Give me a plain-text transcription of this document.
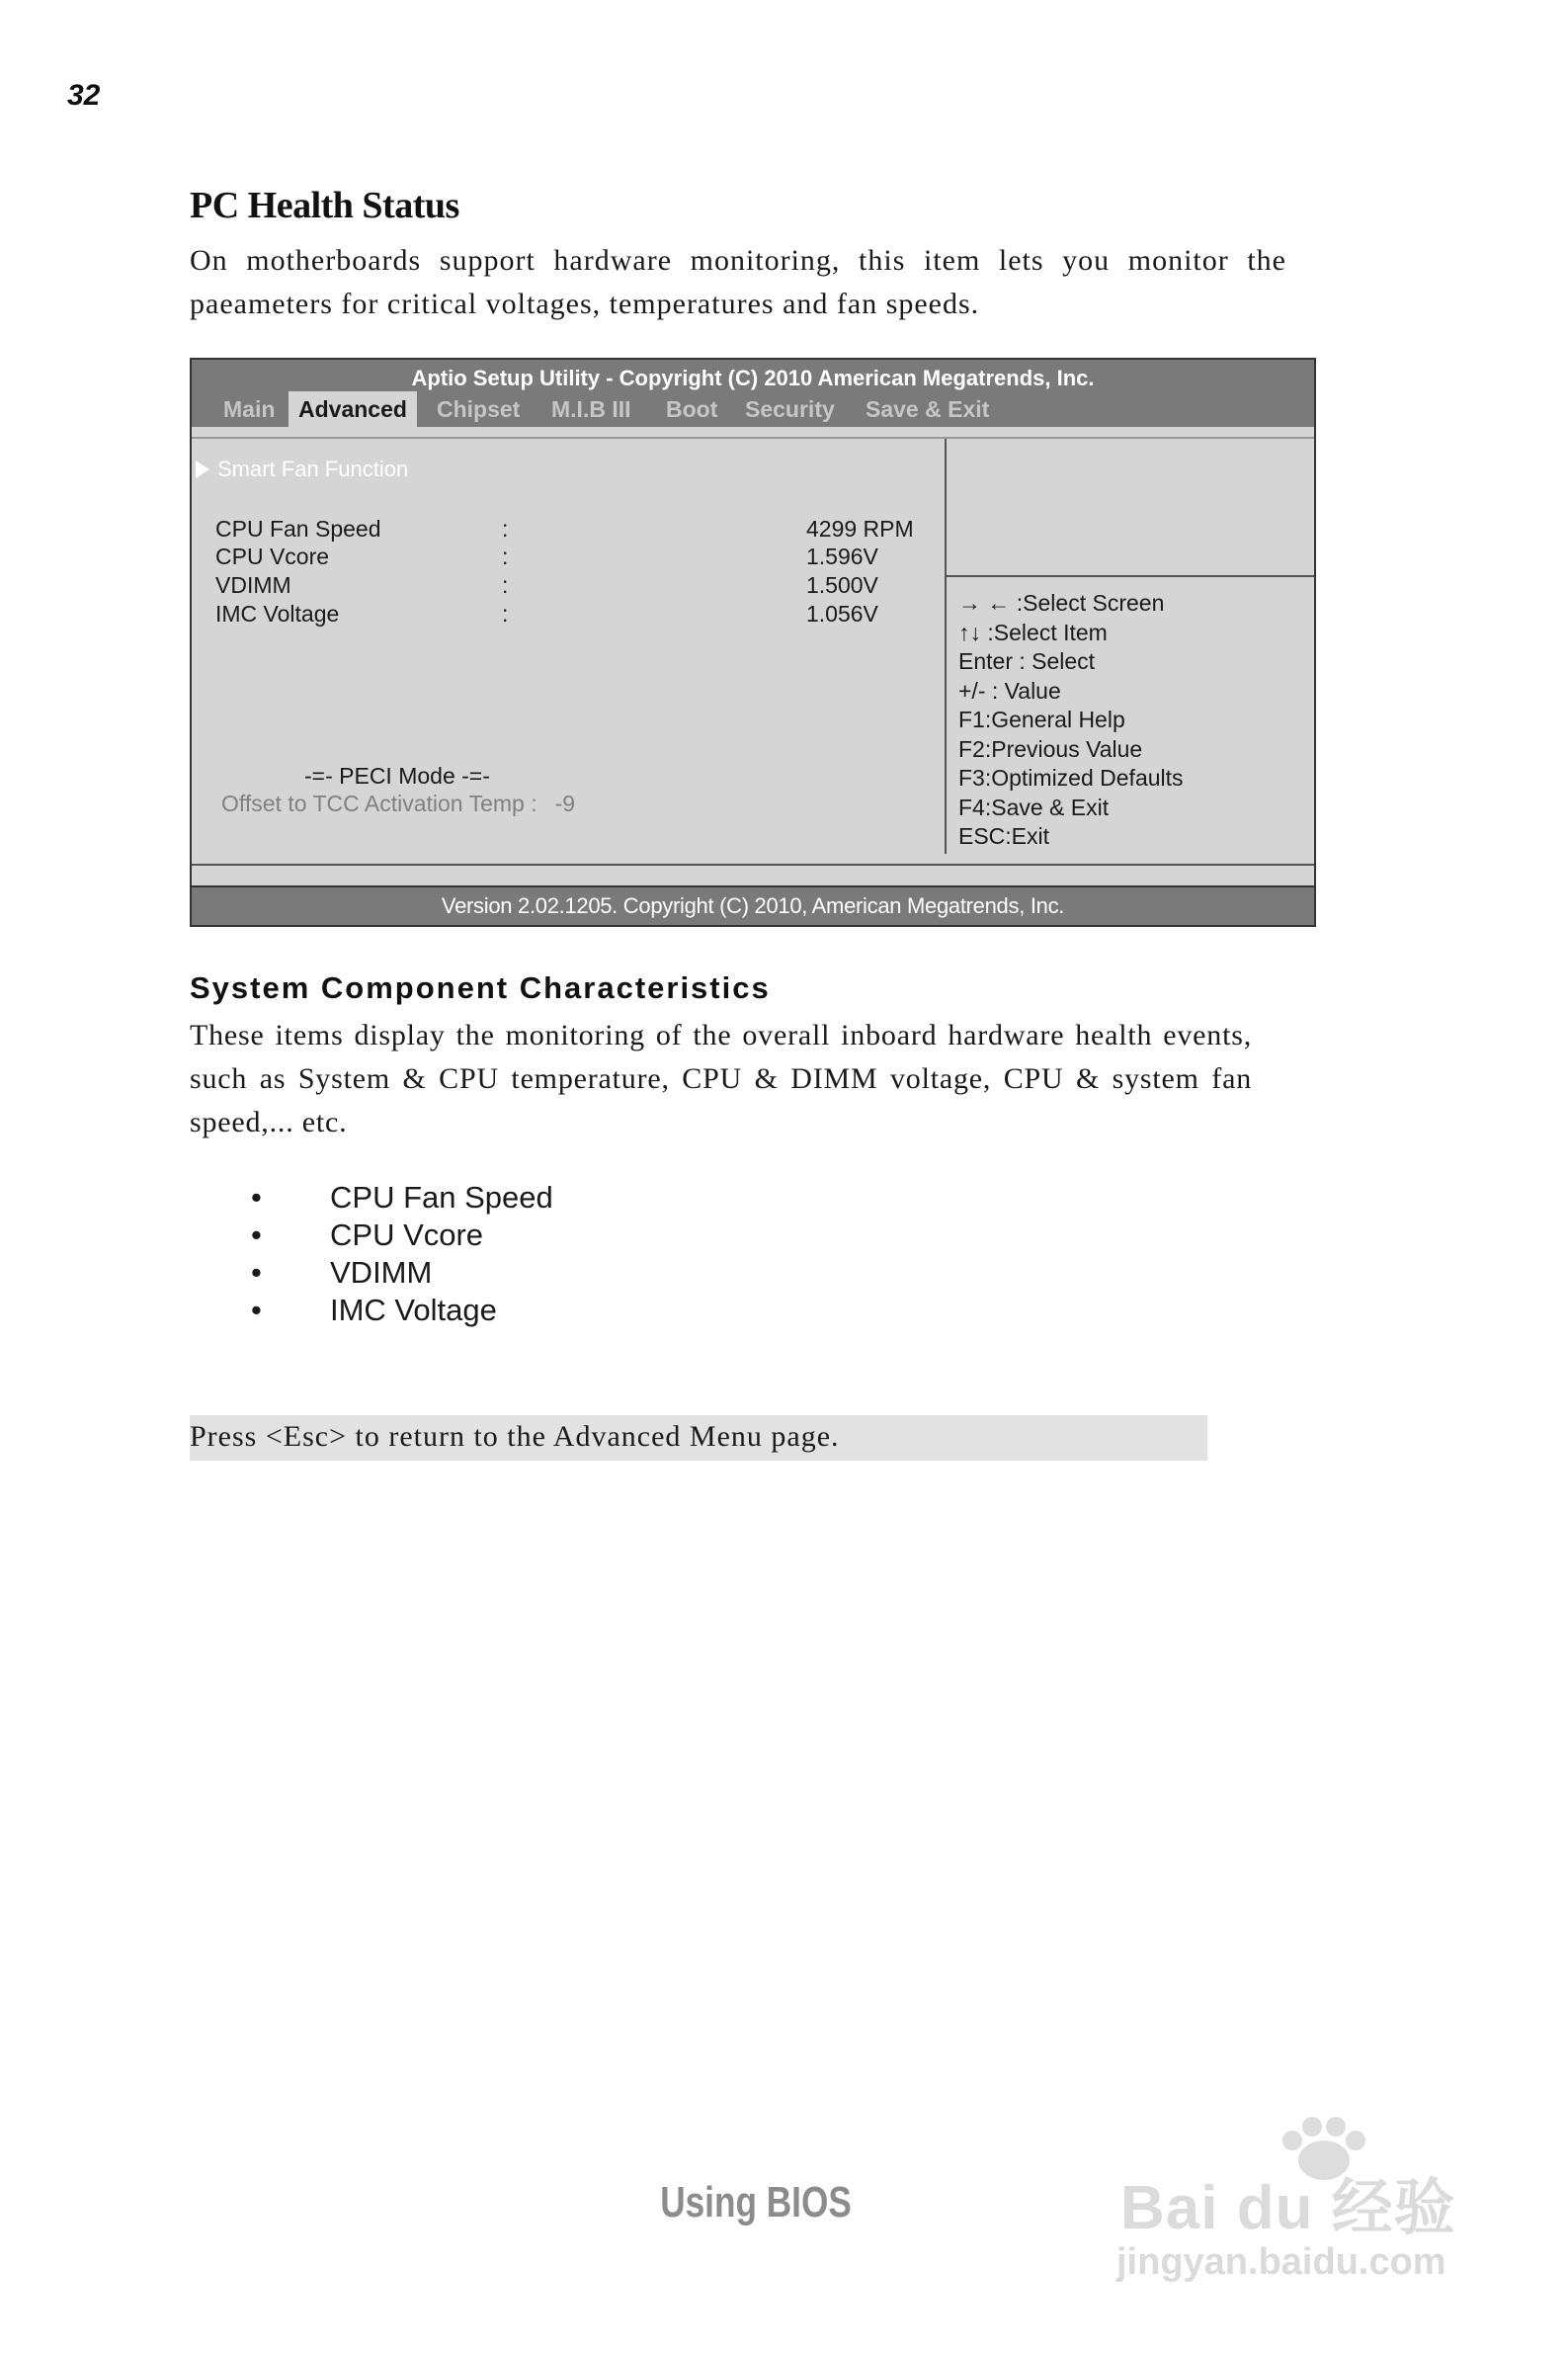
32
PC Health Status
On motherboards support hardware monitoring, this item lets you monitor the paeameters for critical voltages, temperatures and fan speeds.
Aptio Setup Utility - Copyright (C) 2010 American Megatrends, Inc.
Main	Advanced	Chipset M.I.B III Boot Security Save & Exit
Smart Fan Function
CPU Fan Speed	:	4299 RPM
CPU Vcore	:	1.596V
VDIMM	:	1.500V
IMC Voltage	:	1.056V
-=- PECI Mode -=-
Offset to TCC Activation Temp : -9
→ ← :Select Screen
↑↓ :Select Item
Enter : Select
+/- : Value
F1:General Help
F2:Previous Value
F3:Optimized Defaults
F4:Save & Exit
ESC:Exit
Version 2.02.1205. Copyright (C) 2010, American Megatrends, Inc.
System Component Characteristics
These items display the monitoring of the overall inboard hardware health events, such as System & CPU temperature, CPU & DIMM voltage, CPU & system fan speed,... etc.
• CPU Fan Speed
• CPU Vcore
• VDIMM
• IMC Voltage
Press <Esc> to return to the Advanced Menu page.
Using BIOS	Bai du 经验
jingyan.baidu.com
